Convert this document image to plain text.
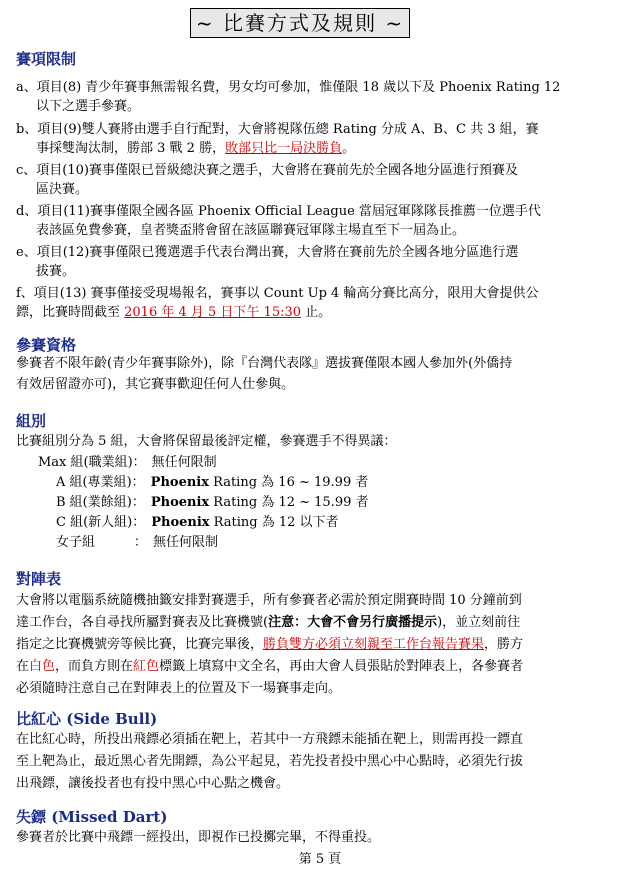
~ 比賽方式及規則 ~
賽項限制
a、項目(8) 青少年賽事無需報名費，男女均可參加，惟僅限 18 歲以下及 Phoenix Rating 12
以下之選手參賽。
b、項目(9)雙人賽將由選手自行配對，大會將視隊伍總 Rating 分成 A、B、C 共 3 組，賽
事採雙淘汰制，勝部 3 戰 2 勝，敗部只比一局決勝負。
c、項目(10)賽事僅限已晉級總決賽之選手，大會將在賽前先於全國各地分區進行預賽及
區決賽。
d、項目(11)賽事僅限全國各區 Phoenix Official League 當屆冠軍隊隊長推薦一位選手代
表該區免費參賽，皇者獎盃將會留在該區聯賽冠軍隊主場直至下一屆為止。
e、項目(12)賽事僅限已獲選選手代表台灣出賽，大會將在賽前先於全國各地分區進行選
拔賽。
f、項目(13) 賽事僅接受現場報名，賽事以 Count Up 4 輪高分賽比高分，限用大會提供公
鏢，比賽時間截至 2016 年 4 月 5 日下午 15:30 止。
參賽資格
參賽者不限年齡(青少年賽事除外)，除『台灣代表隊』選拔賽僅限本國人參加外(外僑持
有效居留證亦可)，其它賽事歡迎任何人仕參與。
組別
比賽組別分為 5 組，大會將保留最後評定權，參賽選手不得異議：
Max 組(職業組)： 無任何限制
A 組(專業組)： Phoenix Rating 為 16 ~ 19.99 者
B 組(業餘組)： Phoenix Rating 為 12 ~ 15.99 者
C 組(新人組)： Phoenix Rating 為 12 以下者
女子組　　　： 無任何限制
對陣表
大會將以電腦系統隨機抽籤安排對賽選手，所有參賽者必需於預定開賽時間 10 分鐘前到
達工作台，各自尋找所屬對賽表及比賽機號(注意：大會不會另行廣播提示)，並立刻前往
指定之比賽機號旁等候比賽，比賽完畢後，勝負雙方必須立刻親至工作台報告賽果，勝方
在白色，而負方則在紅色標籤上填寫中文全名，再由大會人員張貼於對陣表上，各參賽者
必須隨時注意自己在對陣表上的位置及下一場賽事走向。
比紅心 (Side Bull)
在比紅心時，所投出飛鏢必須插在靶上，若其中一方飛鏢未能插在靶上，則需再投一鏢直
至上靶為止，最近黑心者先開鏢，為公平起見，若先投者投中黑心中心點時，必須先行拔
出飛鏢，讓後投者也有投中黑心中心點之機會。
失鏢 (Missed Dart)
參賽者於比賽中飛鏢一經投出，即視作已投擲完畢，不得重投。
第 5 頁
